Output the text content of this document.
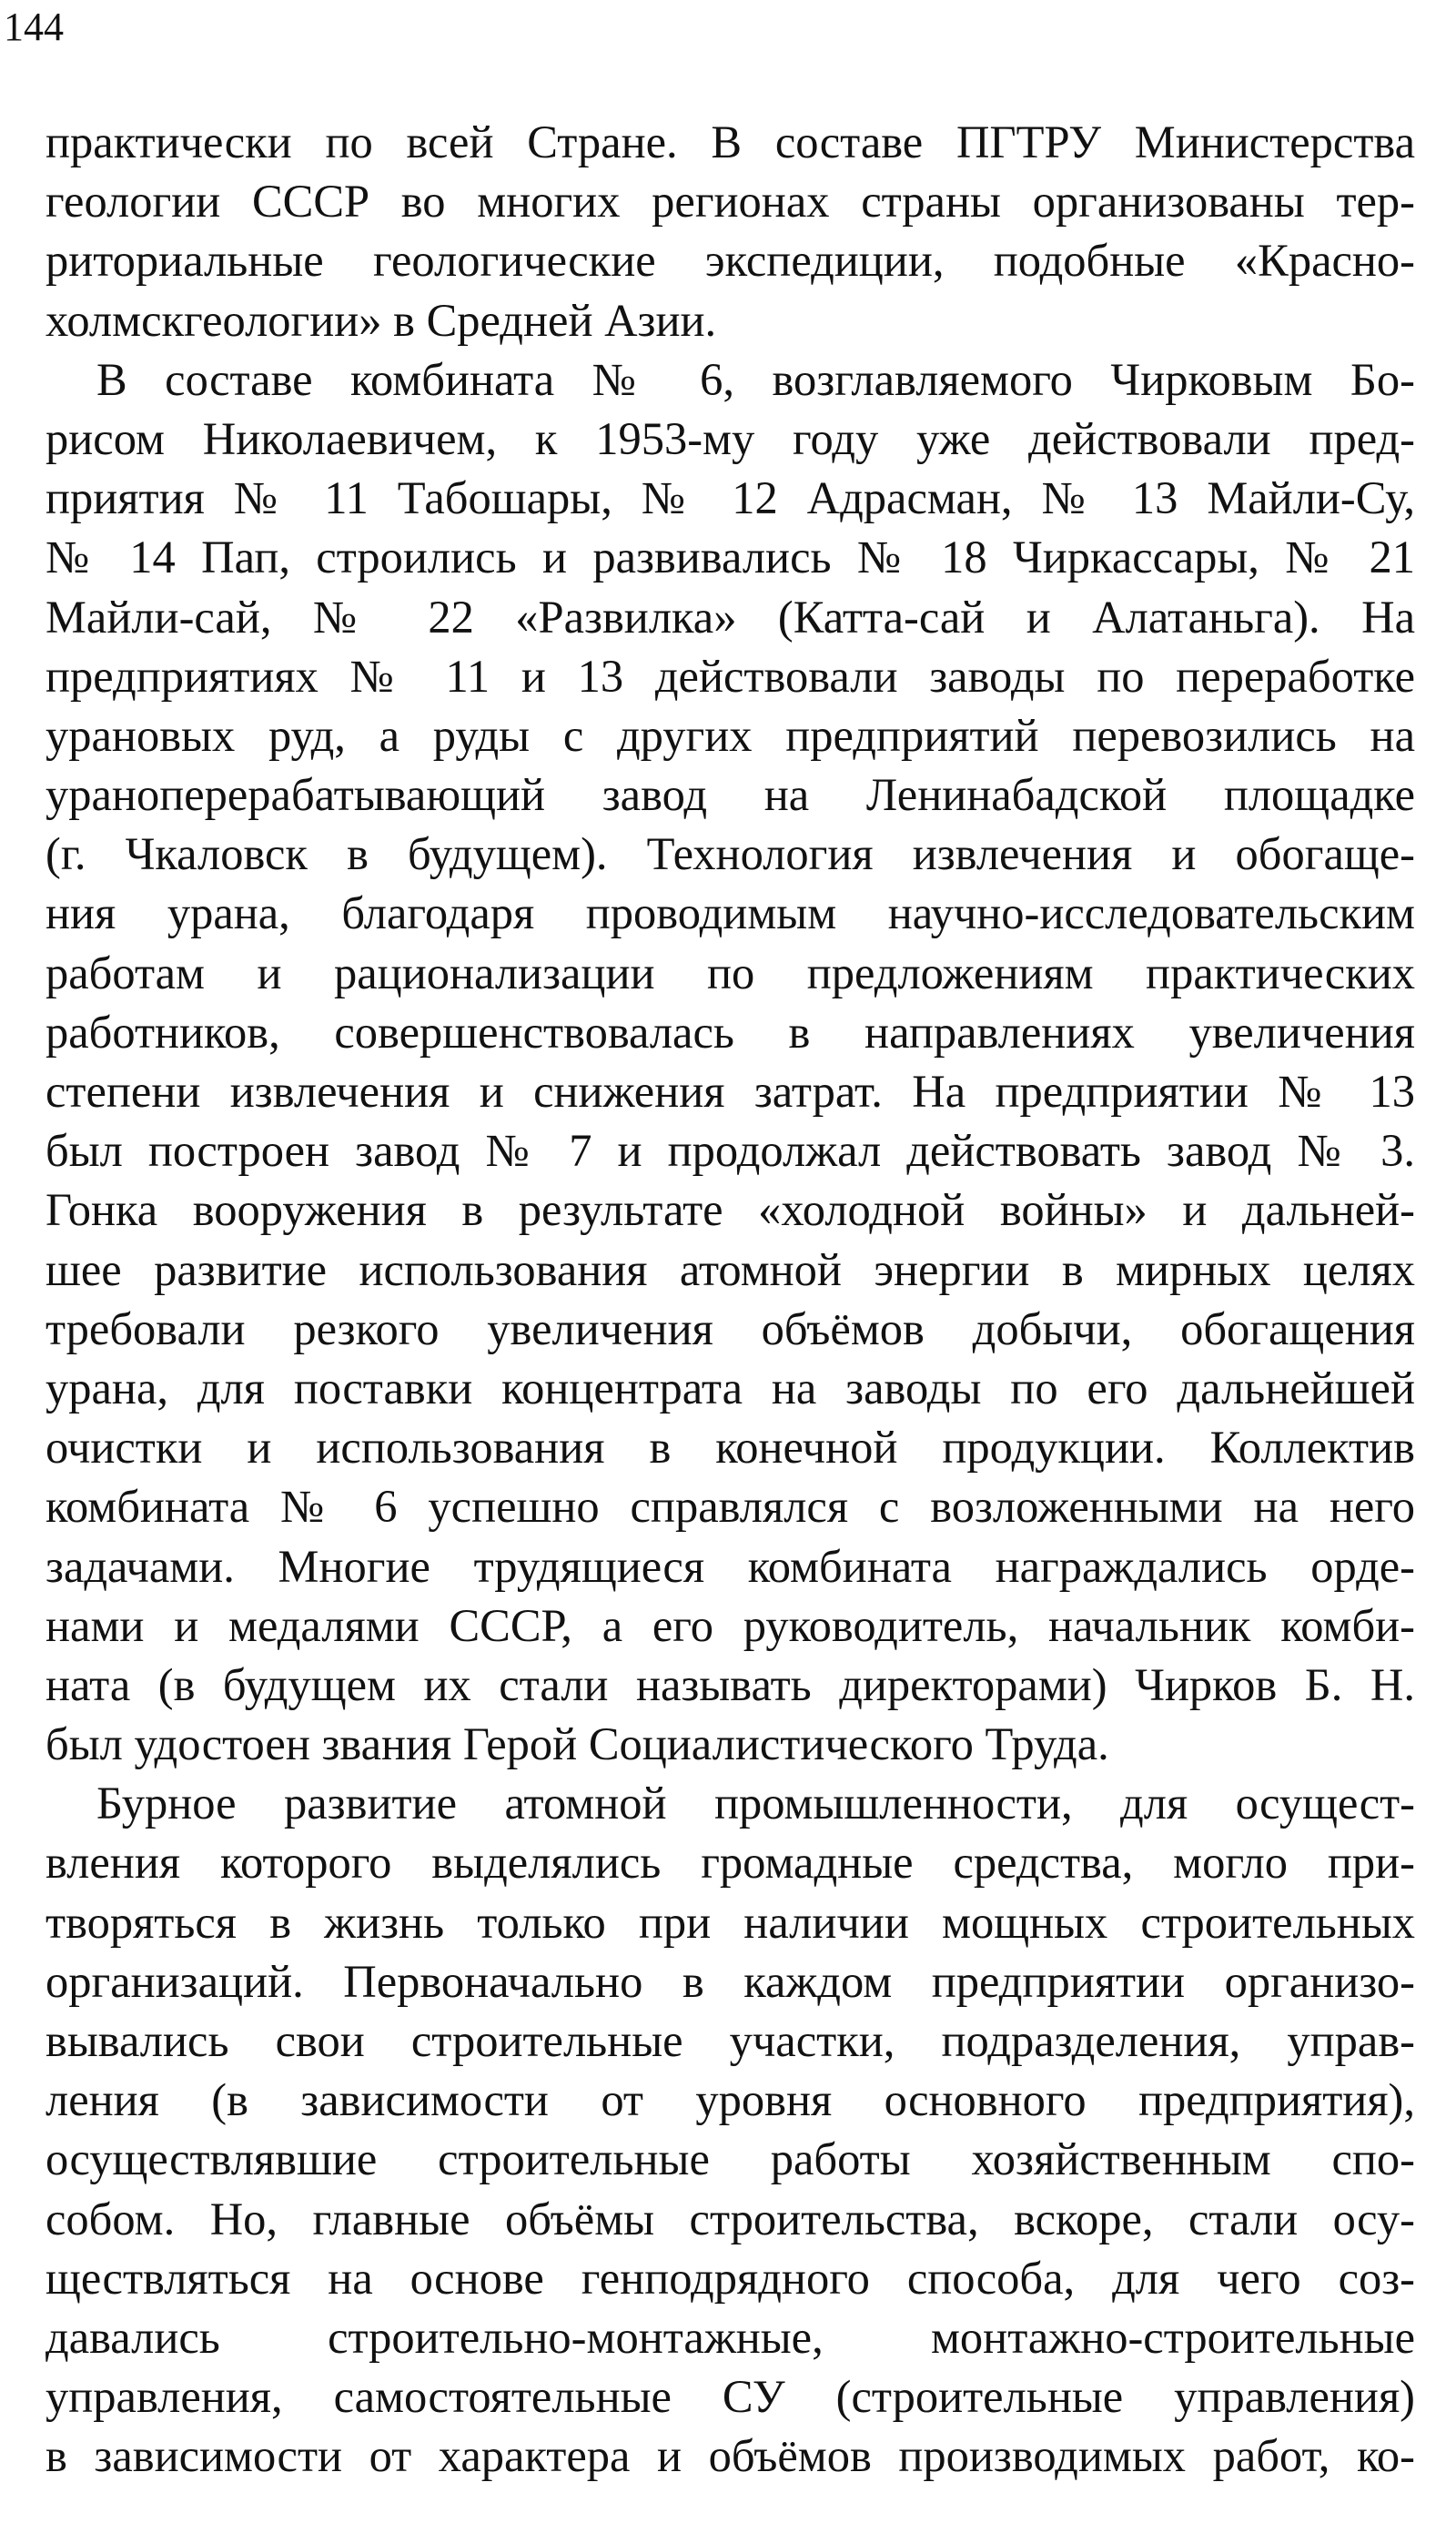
144
практически по всей Стране. В составе ПГТРУ Министерства
геологии СССР во многих регионах страны организованы тер-
риториальные геологические экспедиции, подобные «Красно-
холмскгеологии» в Средней Азии.
В составе комбината № 6, возглавляемого Чирковым Бо-
рисом Николаевичем, к 1953-му году уже действовали пред-
приятия № 11 Табошары, № 12 Адрасман, № 13 Майли-Су,
№ 14 Пап, строились и развивались № 18 Чиркассары, № 21
Майли-сай, № 22 «Развилка» (Катта-сай и Алатаньга). На
предприятиях № 11 и 13 действовали заводы по переработке
урановых руд, а руды с других предприятий перевозились на
ураноперерабатывающий завод на Ленинабадской площадке
(г. Чкаловск в будущем). Технология извлечения и обогаще-
ния урана, благодаря проводимым научно-исследовательским
работам и рационализации по предложениям практических
работников, совершенствовалась в направлениях увеличения
степени извлечения и снижения затрат. На предприятии № 13
был построен завод № 7 и продолжал действовать завод № 3.
Гонка вооружения в результате «холодной войны» и дальней-
шее развитие использования атомной энергии в мирных целях
требовали резкого увеличения объёмов добычи, обогащения
урана, для поставки концентрата на заводы по его дальнейшей
очистки и использования в конечной продукции. Коллектив
комбината № 6 успешно справлялся с возложенными на него
задачами. Многие трудящиеся комбината награждались орде-
нами и медалями СССР, а его руководитель, начальник комби-
ната (в будущем их стали называть директорами) Чирков Б. Н.
был удостоен звания Герой Социалистического Труда.
Бурное развитие атомной промышленности, для осущест-
вления которого выделялись громадные средства, могло при-
творяться в жизнь только при наличии мощных строительных
организаций. Первоначально в каждом предприятии организо-
вывались свои строительные участки, подразделения, управ-
ления (в зависимости от уровня основного предприятия),
осуществлявшие строительные работы хозяйственным спо-
собом. Но, главные объёмы строительства, вскоре, стали осу-
ществляться на основе генподрядного способа, для чего соз-
давались строительно-монтажные, монтажно-строительные
управления, самостоятельные СУ (строительные управления)
в зависимости от характера и объёмов производимых работ, ко-
